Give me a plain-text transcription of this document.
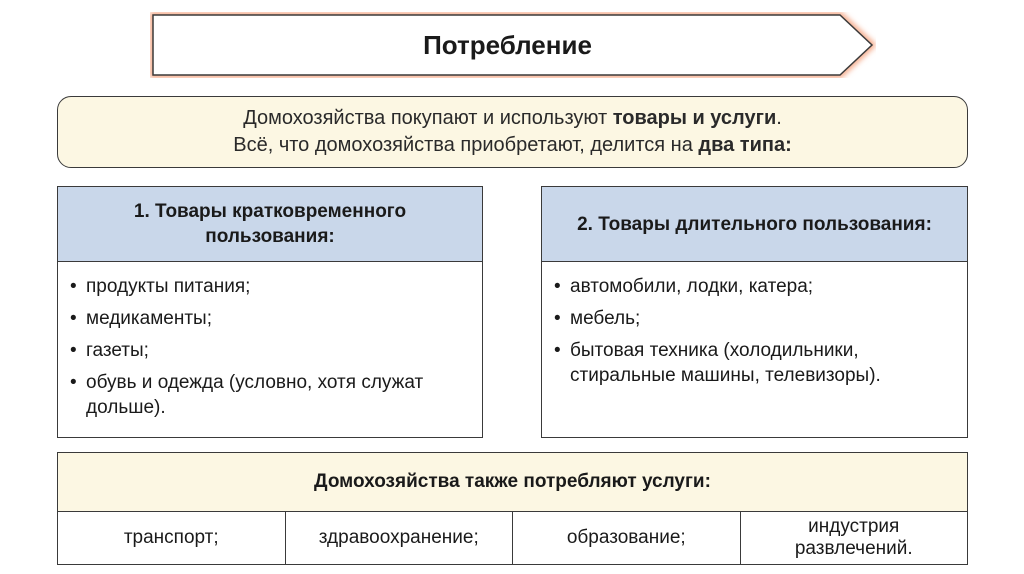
Потребление
Домохозяйства покупают и используют товары и услуги.
Всё, что домохозяйства приобретают, делится на два типа:
1. Товары кратковременного пользования:
• продукты питания;
• медикаменты;
• газеты;
• обувь и одежда (условно, хотя служат дольше).
2. Товары длительного пользования:
• автомобили, лодки, катера;
• мебель;
• бытовая техника (холодильники, стиральные машины, телевизоры).
Домохозяйства также потребляют услуги:
транспорт;	здравоохранение;	образование;
индустрия развлечений.
